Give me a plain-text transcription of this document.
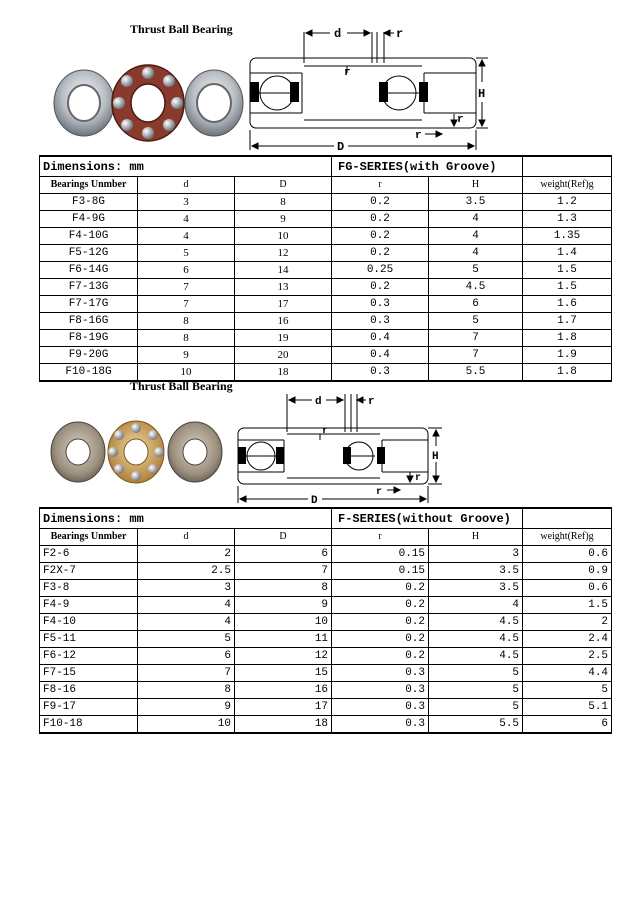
Thrust Ball Bearing	d	r
r
H
r
r
D
Dimensions: mm			FG-SERIES(with Groove)		
Bearings Unmber	d	D	r	H	weight(Ref)g
F3-8G	3	8	0.2	3.5	1.2
F4-9G	4	9	0.2	4	1.3
F4-10G	4	10	0.2	4	1.35
F5-12G	5	12	0.2	4	1.4
F6-14G	6	14	0.25	5	1.5
F7-13G	7	13	0.2	4.5	1.5
F7-17G	7	17	0.3	6	1.6
F8-16G	8	16	0.3	5	1.7
F8-19G	8	19	0.4	7	1.8
F9-20G	9	20	0.4	7	1.9
F10-18G	10	18	0.3	5.5	1.8
Thrust Ball Bearing
d	r
r
H
r
r
D
Dimensions: mm			F-SERIES(without Groove)		
Bearings Unmber	d	D	r	H	weight(Ref)g
F2-6	2	6	0.15	3	0.6
F2X-7	2.5	7	0.15	3.5	0.9
F3-8	3	8	0.2	3.5	0.6
F4-9	4	9	0.2	4	1.5
F4-10	4	10	0.2	4.5	2
F5-11	5	11	0.2	4.5	2.4
F6-12	6	12	0.2	4.5	2.5
F7-15	7	15	0.3	5	4.4
F8-16	8	16	0.3	5	5
F9-17	9	17	0.3	5	5.1
F10-18	10	18	0.3	5.5	6
